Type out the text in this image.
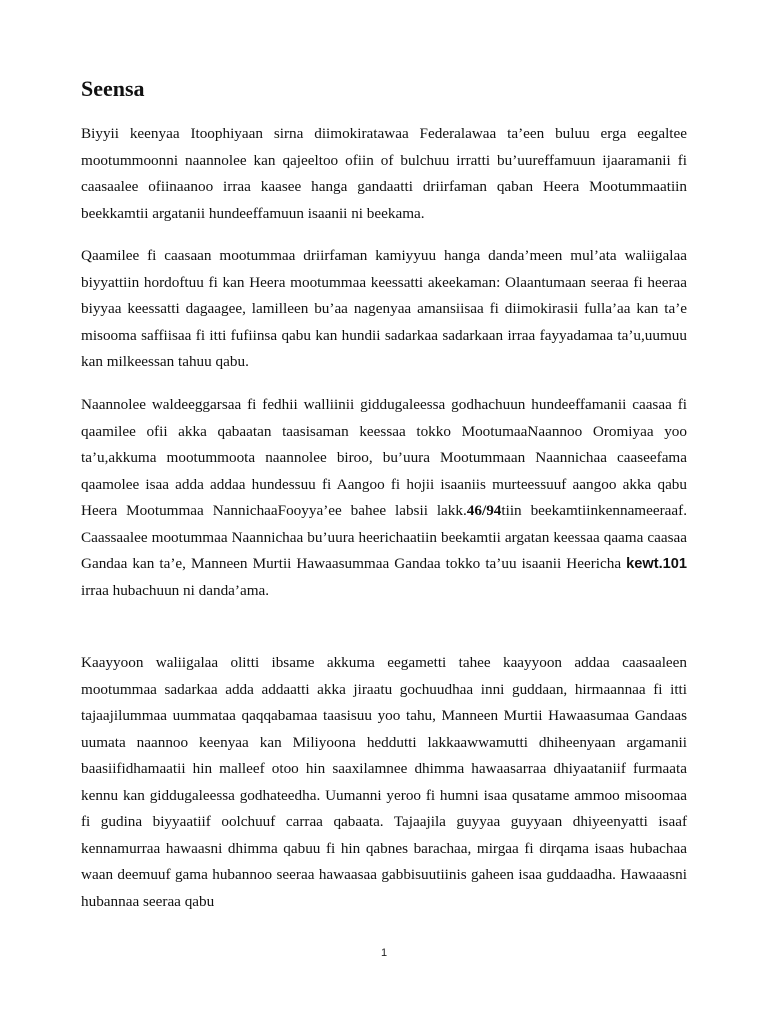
Seensa

Biyyii keenyaa Itoophiyaan sirna diimokiratawaa Federalawaa ta’een buluu erga eegaltee mootummoonni naannolee kan qajeeltoo ofiin of bulchuu irratti bu’uureffamuun ijaaramanii fi caasaalee ofiinaanoo irraa kaasee hanga gandaatti driirfaman qaban Heera Mootummaatiin beekkamtii argatanii hundeeffamuun isaanii ni beekama.

Qaamilee fi caasaan mootummaa driirfaman kamiyyuu hanga danda’meen mul’ata waliigalaa biyyattiin hordoftuu fi kan Heera mootummaa keessatti akeekaman: Olaantumaan seeraa fi heeraa biyyaa keessatti dagaagee, lamilleen bu’aa nagenyaa amansiisaa fi diimokirasii fulla’aa kan ta’e misooma saffiisaa fi itti fufiinsa qabu kan hundii sadarkaa sadarkaan irraa fayyadamaa ta’u,uumuu kan milkeessan tahuu qabu.

Naannolee waldeeggarsaa fi fedhii walliinii giddugaleessa godhachuun hundeeffamanii caasaa fi qaamilee ofii akka qabaatan taasisaman keessaa tokko MootumaaNaannoo Oromiyaa yoo ta’u,akkuma mootummoota naannolee biroo, bu’uura Mootummaan Naannichaa caaseefama qaamolee isaa adda addaa hundessuu fi Aangoo fi hojii isaaniis murteessuuf aangoo akka qabu Heera Mootummaa NannichaaFooyya’ee bahee labsii lakk.46/94tiin beekamtiinkennameeraaf. Caassaalee mootummaa Naannichaa bu’uura heerichaatiin beekamtii argatan keessaa qaama caasaa Gandaa kan ta’e, Manneen Murtii Hawaasummaa Gandaa tokko ta’uu isaanii Heericha kewt.101 irraa hubachuun ni danda’ama.

Kaayyoon waliigalaa olitti ibsame akkuma eegametti tahee kaayyoon addaa caasaaleen mootummaa sadarkaa adda addaatti akka jiraatu gochuudhaa inni guddaan, hirmaannaa fi itti tajaajilummaa uummataa qaqqabamaa taasisuu yoo tahu, Manneen Murtii Hawaasumaa Gandaas uumata naannoo keenyaa kan Miliyoona heddutti lakkaawwamutti dhiheenyaan argamanii baasiifidhamaatii hin malleef otoo hin saaxilamnee dhimma hawaasarraa dhiyaataniif furmaata kennu kan giddugaleessa godhateedha. Uumanni yeroo fi humni isaa qusatame ammoo misoomaa fi gudina biyyaatiif oolchuuf carraa qabaata. Tajaajila guyyaa guyyaan dhiyeenyatti isaaf kennamurraa hawaasni dhimma qabuu fi hin qabnes barachaa, mirgaa fi dirqama isaas hubachaa waan deemuuf gama hubannoo seeraa hawaasaa gabbisuutiinis gaheen isaa guddaadha. Hawaaasni hubannaa seeraa qabu

1
